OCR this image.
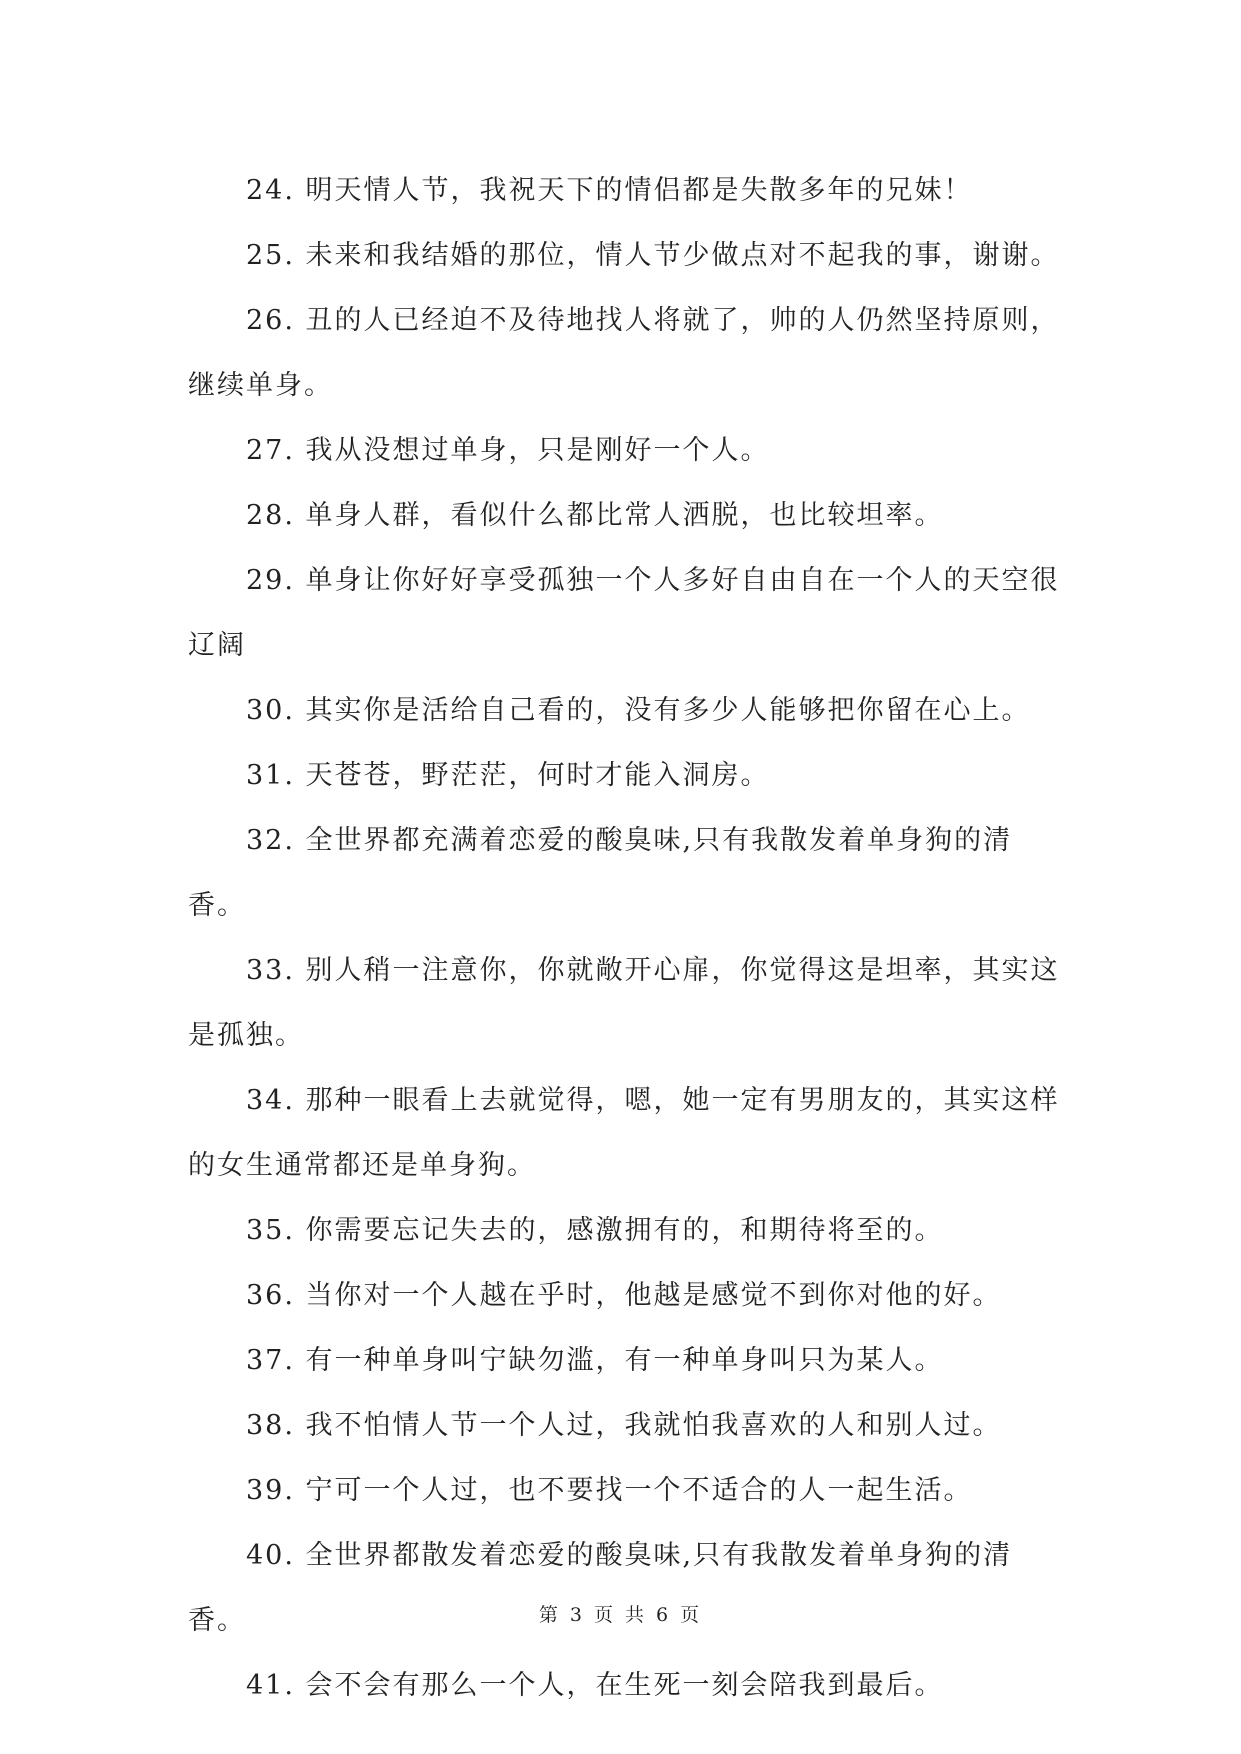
24. 明天情人节，我祝天下的情侣都是失散多年的兄妹！

25. 未来和我结婚的那位，情人节少做点对不起我的事，谢谢。

26. 丑的人已经迫不及待地找人将就了，帅的人仍然坚持原则，继续单身。

27. 我从没想过单身，只是刚好一个人。

28. 单身人群，看似什么都比常人洒脱，也比较坦率。

29. 单身让你好好享受孤独一个人多好自由自在一个人的天空很辽阔

30. 其实你是活给自己看的，没有多少人能够把你留在心上。

31. 天苍苍，野茫茫，何时才能入洞房。

32. 全世界都充满着恋爱的酸臭味,只有我散发着单身狗的清香。

33. 别人稍一注意你，你就敞开心扉，你觉得这是坦率，其实这是孤独。

34. 那种一眼看上去就觉得，嗯，她一定有男朋友的，其实这样的女生通常都还是单身狗。

35. 你需要忘记失去的，感激拥有的，和期待将至的。

36. 当你对一个人越在乎时，他越是感觉不到你对他的好。

37. 有一种单身叫宁缺勿滥，有一种单身叫只为某人。

38. 我不怕情人节一个人过，我就怕我喜欢的人和别人过。

39. 宁可一个人过，也不要找一个不适合的人一起生活。

40. 全世界都散发着恋爱的酸臭味,只有我散发着单身狗的清香。

41. 会不会有那么一个人，在生死一刻会陪我到最后。

第 3 页 共 6 页
